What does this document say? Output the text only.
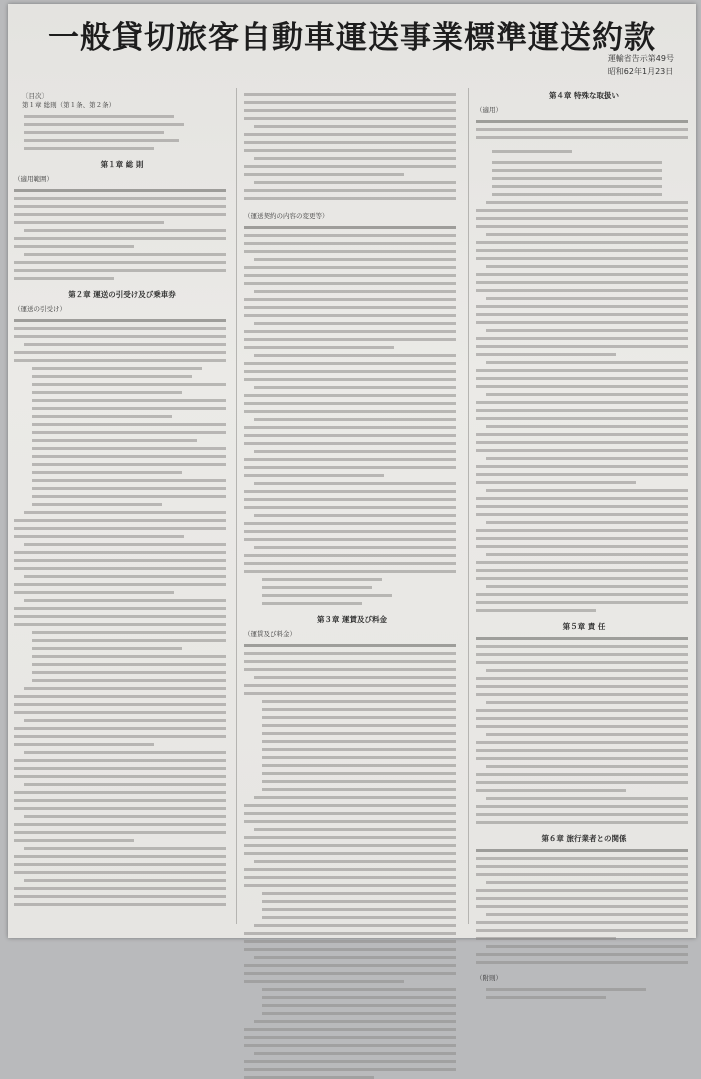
一般貸切旅客自動車運送事業標準運送約款
運輸省告示第49号
昭和62年1月23日
〔目次〕
第１章 総則（第１条、第２条）
第１章 総 則
（適用範囲）
第２章 運送の引受け及び乗車券
（運送の引受け）
（運送契約の内容の変更等）
第３章 運賃及び料金
（運賃及び料金）
第４章 特殊な取扱い
（適用）
第５章 責 任
第６章 旅行業者との関係
（附則）
